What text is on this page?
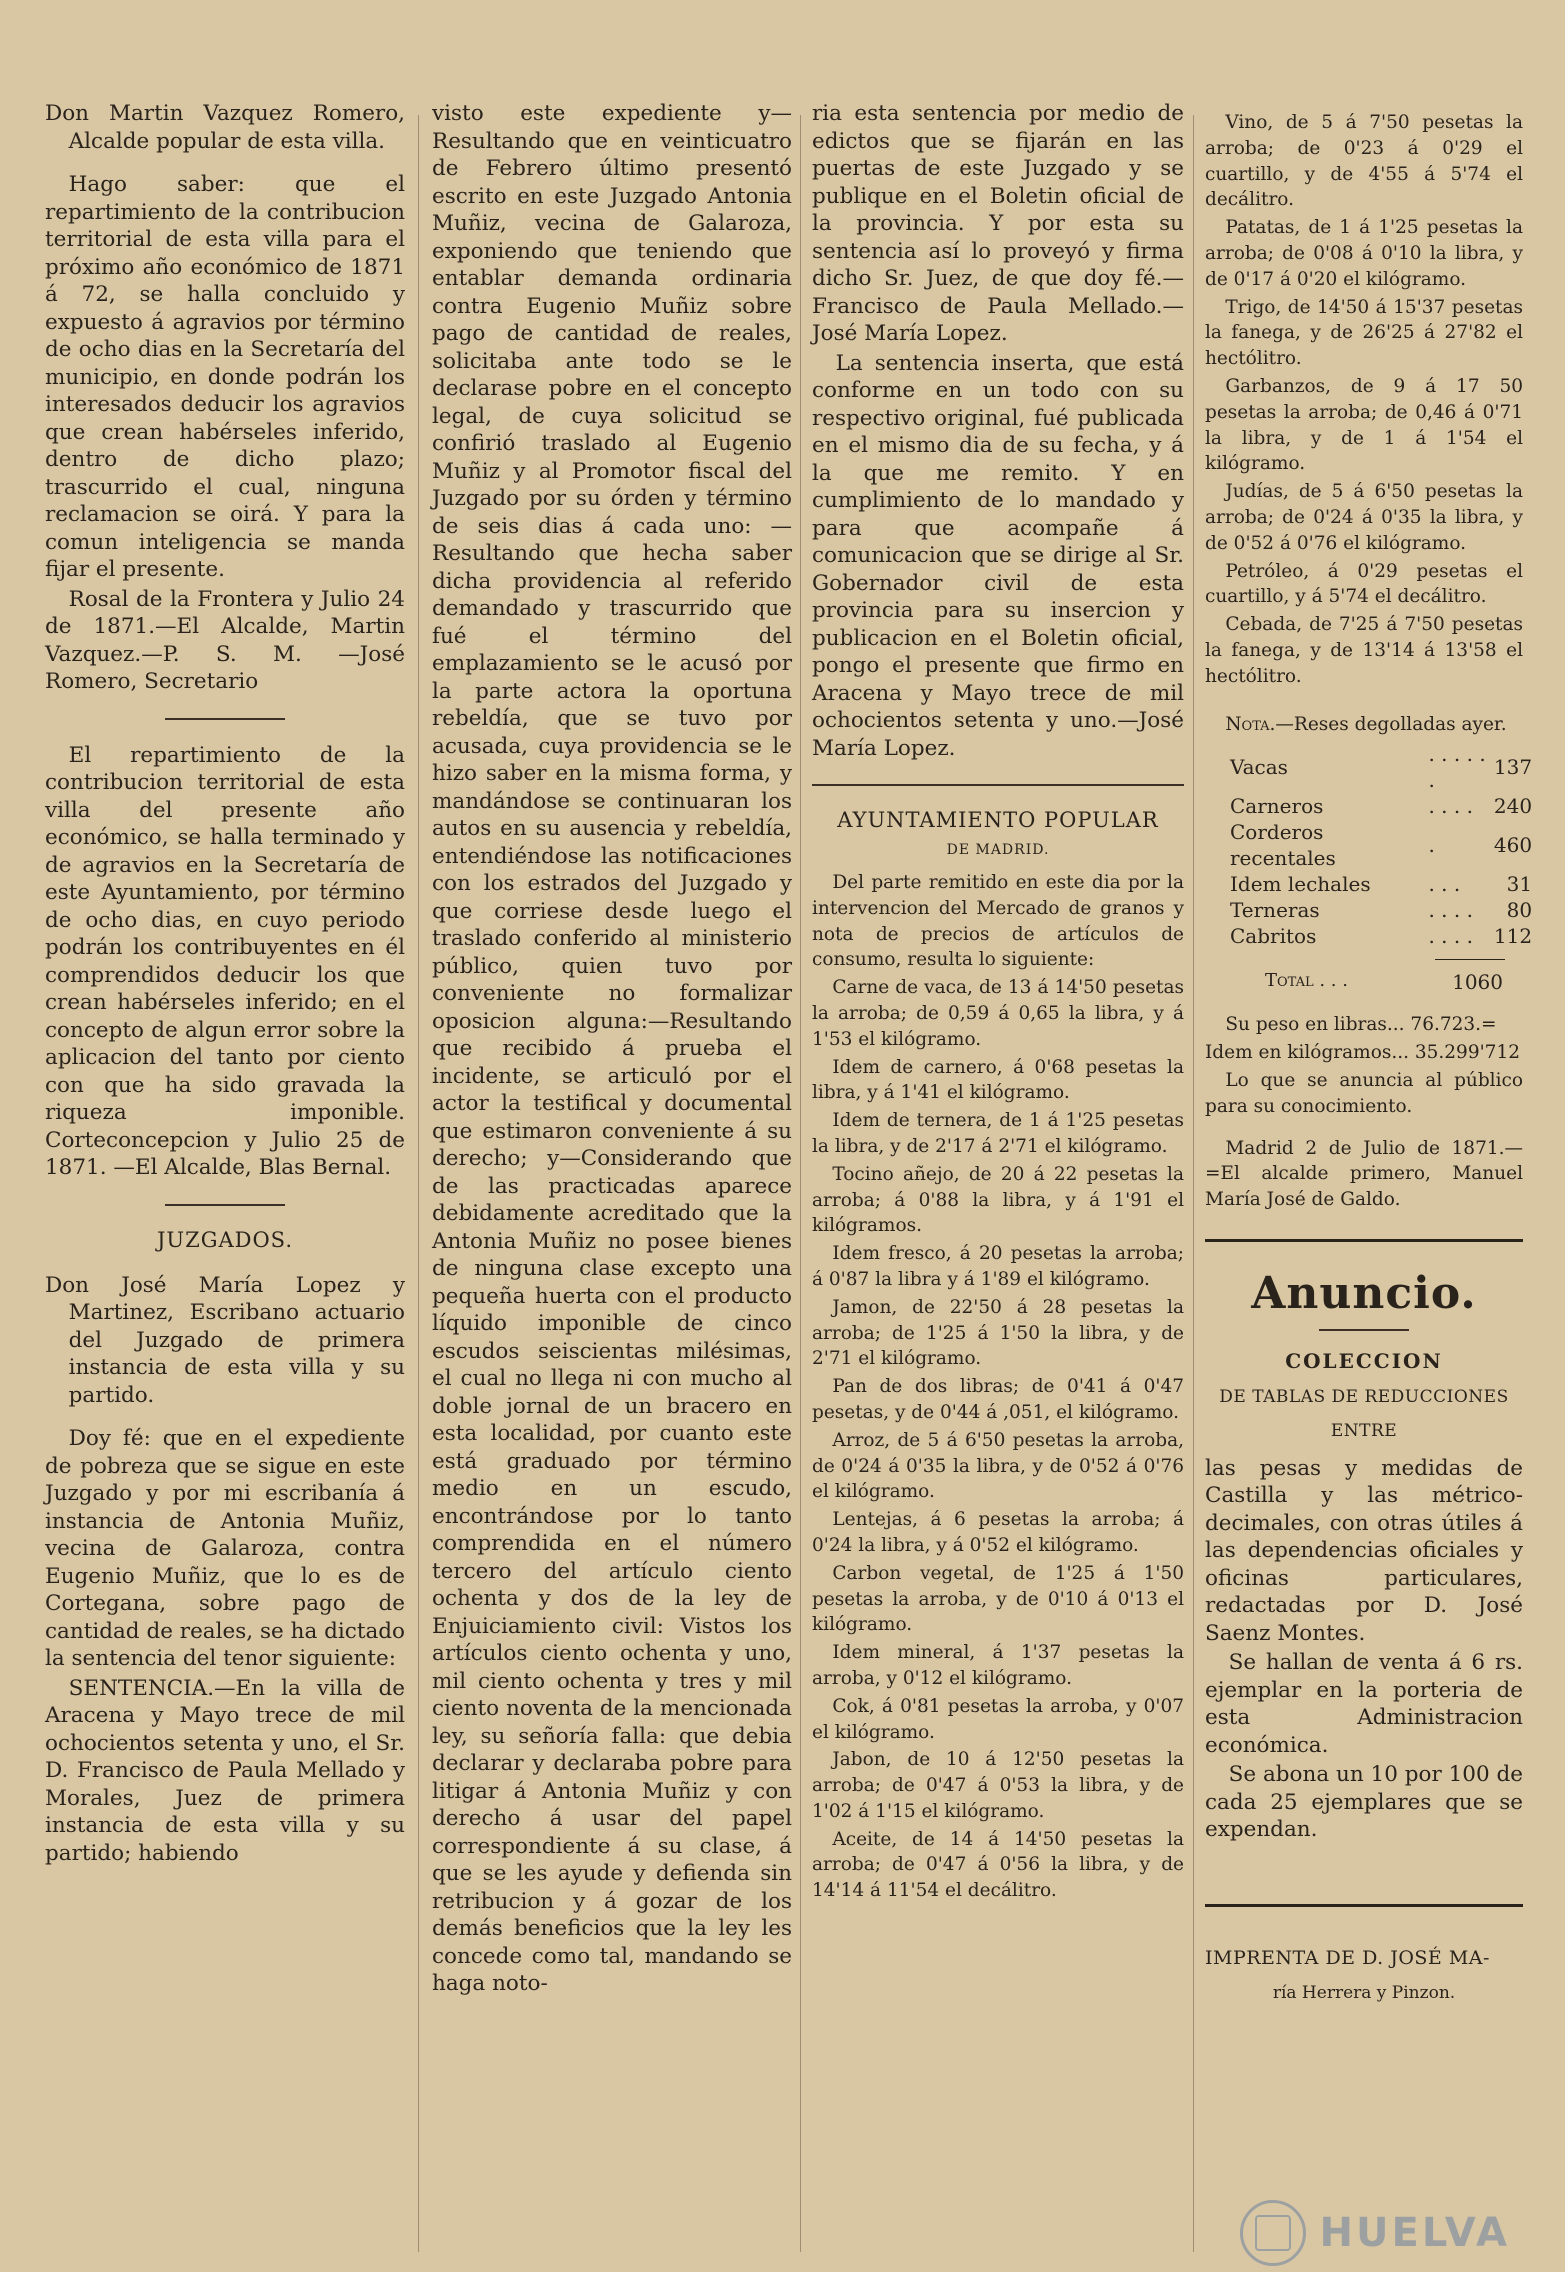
Don Martin Vazquez Romero, Alcalde popular de esta villa.

Hago saber: que el repartimiento de la contribucion territorial de esta villa para el próximo año económico de 1871 á 72, se halla concluido y expuesto á agravios por término de ocho dias en la Secretaría del municipio, en donde podrán los interesados deducir los agravios que crean habérseles inferido, dentro de dicho plazo; trascurrido el cual, ninguna reclamacion se oirá. Y para la comun inteligencia se manda fijar el presente.

Rosal de la Frontera y Julio 24 de 1871.—El Alcalde, Martin Vazquez.—P. S. M. —José Romero, Secretario

El repartimiento de la contribucion territorial de esta villa del presente año económico, se halla terminado y de agravios en la Secretaría de este Ayuntamiento, por término de ocho dias, en cuyo periodo podrán los contribuyentes en él comprendidos deducir los que crean habérseles inferido; en el concepto de algun error sobre la aplicacion del tanto por ciento con que ha sido gravada la riqueza imponible. Corteconcepcion y Julio 25 de 1871. —El Alcalde, Blas Bernal.

JUZGADOS.

Don José María Lopez y Martinez, Escribano actuario del Juzgado de primera instancia de esta villa y su partido.

Doy fé: que en el expediente de pobreza que se sigue en este Juzgado y por mi escribanía á instancia de Antonia Muñiz, vecina de Galaroza, contra Eugenio Muñiz, que lo es de Cortegana, sobre pago de cantidad de reales, se ha dictado la sentencia del tenor siguiente:

SENTENCIA.—En la villa de Aracena y Mayo trece de mil ochocientos setenta y uno, el Sr. D. Francisco de Paula Mellado y Morales, Juez de primera instancia de esta villa y su partido; habiendo

visto este expediente y—Resultando que en veinticuatro de Febrero último presentó escrito en este Juzgado Antonia Muñiz, vecina de Galaroza, exponiendo que teniendo que entablar demanda ordinaria contra Eugenio Muñiz sobre pago de cantidad de reales, solicitaba ante todo se le declarase pobre en el concepto legal, de cuya solicitud se confirió traslado al Eugenio Muñiz y al Promotor fiscal del Juzgado por su órden y término de seis dias á cada uno: —Resultando que hecha saber dicha providencia al referido demandado y trascurrido que fué el término del emplazamiento se le acusó por la parte actora la oportuna rebeldía, que se tuvo por acusada, cuya providencia se le hizo saber en la misma forma, y mandándose se continuaran los autos en su ausencia y rebeldía, entendiéndose las notificaciones con los estrados del Juzgado y que corriese desde luego el traslado conferido al ministerio público, quien tuvo por conveniente no formalizar oposicion alguna:—Resultando que recibido á prueba el incidente, se articuló por el actor la testifical y documental que estimaron conveniente á su derecho; y—Considerando que de las practicadas aparece debidamente acreditado que la Antonia Muñiz no posee bienes de ninguna clase excepto una pequeña huerta con el producto líquido imponible de cinco escudos seiscientas milésimas, el cual no llega ni con mucho al doble jornal de un bracero en esta localidad, por cuanto este está graduado por término medio en un escudo, encontrándose por lo tanto comprendida en el número tercero del artículo ciento ochenta y dos de la ley de Enjuiciamiento civil: Vistos los artículos ciento ochenta y uno, mil ciento ochenta y tres y mil ciento noventa de la mencionada ley, su señoría falla: que debia declarar y declaraba pobre para litigar á Antonia Muñiz y con derecho á usar del papel correspondiente á su clase, á que se les ayude y defienda sin retribucion y á gozar de los demás beneficios que la ley les concede como tal, mandando se haga noto-

ria esta sentencia por medio de edictos que se fijarán en las puertas de este Juzgado y se publique en el Boletin oficial de la provincia. Y por esta su sentencia así lo proveyó y firma dicho Sr. Juez, de que doy fé.—Francisco de Paula Mellado.—José María Lopez.

La sentencia inserta, que está conforme en un todo con su respectivo original, fué publicada en el mismo dia de su fecha, y á la que me remito. Y en cumplimiento de lo mandado y para que acompañe á comunicacion que se dirige al Sr. Gobernador civil de esta provincia para su insercion y publicacion en el Boletin oficial, pongo el presente que firmo en Aracena y Mayo trece de mil ochocientos setenta y uno.—José María Lopez.

AYUNTAMIENTO POPULAR
DE MADRID.

Del parte remitido en este dia por la intervencion del Mercado de granos y nota de precios de artículos de consumo, resulta lo siguiente:

Carne de vaca, de 13 á 14'50 pesetas la arroba; de 0,59 á 0,65 la libra, y á 1'53 el kilógramo.

Idem de carnero, á 0'68 pesetas la libra, y á 1'41 el kilógramo.

Idem de ternera, de 1 á 1'25 pesetas la libra, y de 2'17 á 2'71 el kilógramo.

Tocino añejo, de 20 á 22 pesetas la arroba; á 0'88 la libra, y á 1'91 el kilógramos.

Idem fresco, á 20 pesetas la arroba; á 0'87 la libra y á 1'89 el kilógramo.

Jamon, de 22'50 á 28 pesetas la arroba; de 1'25 á 1'50 la libra, y de 2'71 el kilógramo.

Pan de dos libras; de 0'41 á 0'47 pesetas, y de 0'44 á ,051, el kilógramo.

Arroz, de 5 á 6'50 pesetas la arroba, de 0'24 á 0'35 la libra, y de 0'52 á 0'76 el kilógramo.

Lentejas, á 6 pesetas la arroba; á 0'24 la libra, y á 0'52 el kilógramo.

Carbon vegetal, de 1'25 á 1'50 pesetas la arroba, y de 0'10 á 0'13 el kilógramo.

Idem mineral, á 1'37 pesetas la arroba, y 0'12 el kilógramo.

Cok, á 0'81 pesetas la arroba, y 0'07 el kilógramo.

Jabon, de 10 á 12'50 pesetas la arroba; de 0'47 á 0'53 la libra, y de 1'02 á 1'15 el kilógramo.

Aceite, de 14 á 14'50 pesetas la arroba; de 0'47 á 0'56 la libra, y de 14'14 á 11'54 el decálitro.

Vino, de 5 á 7'50 pesetas la arroba; de 0'23 á 0'29 el cuartillo, y de 4'55 á 5'74 el decálitro.

Patatas, de 1 á 1'25 pesetas la arroba; de 0'08 á 0'10 la libra, y de 0'17 á 0'20 el kilógramo.

Trigo, de 14'50 á 15'37 pesetas la fanega, y de 26'25 á 27'82 el hectólitro.

Garbanzos, de 9 á 17 50 pesetas la arroba; de 0,46 á 0'71 la libra, y de 1 á 1'54 el kilógramo.

Judías, de 5 á 6'50 pesetas la arroba; de 0'24 á 0'35 la libra, y de 0'52 á 0'76 el kilógramo.

Petróleo, á 0'29 pesetas el cuartillo, y á 5'74 el decálitro.

Cebada, de 7'25 á 7'50 pesetas la fanega, y de 13'14 á 13'58 el hectólitro.

Nota.—Reses degolladas ayer.

Vacas	. . . . . .	137
Carneros	. . . .	240
Corderos recentales	.	460
Idem lechales	. . .	31
Terneras	. . . .	80
Cabritos	. . . .	112
Total . . .	1060

Su peso en libras... 76.723.=

Idem en kilógramos... 35.299'712

Lo que se anuncia al público para su conocimiento.

Madrid 2 de Julio de 1871.—=El alcalde primero, Manuel María José de Galdo.

Anuncio.
COLECCION
DE TABLAS DE REDUCCIONES
ENTRE

las pesas y medidas de Castilla y las métrico-decimales, con otras útiles á las dependencias oficiales y oficinas particulares, redactadas por D. José Saenz Montes.

Se hallan de venta á 6 rs. ejemplar en la porteria de esta Administracion económica.

Se abona un 10 por 100 de cada 25 ejemplares que se expendan.

IMPRENTA DE D. JOSÉ MA-
ría Herrera y Pinzon.
HUELVA
